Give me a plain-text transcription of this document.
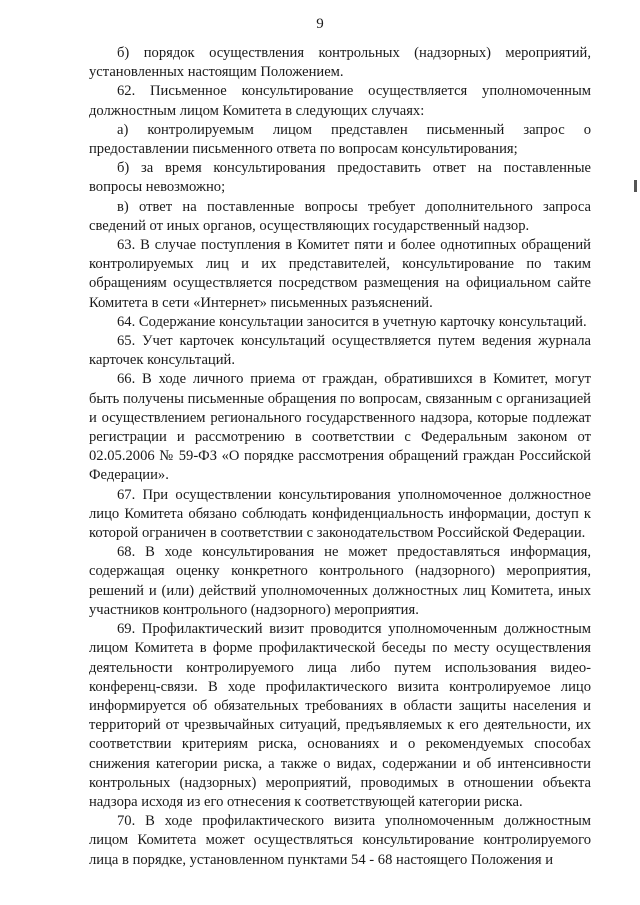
9

б) порядок осуществления контрольных (надзорных) мероприятий, установленных настоящим Положением.

62. Письменное консультирование осуществляется уполномоченным должностным лицом Комитета в следующих случаях:

а) контролируемым лицом представлен письменный запрос о предоставлении письменного ответа по вопросам консультирования;

б) за время консультирования предоставить ответ на поставленные вопросы невозможно;

в) ответ на поставленные вопросы требует дополнительного запроса сведений от иных органов, осуществляющих государственный надзор.

63. В случае поступления в Комитет пяти и более однотипных обращений контролируемых лиц и их представителей, консультирование по таким обращениям осуществляется посредством размещения на официальном сайте Комитета в сети «Интернет» письменных разъяснений.

64. Содержание консультации заносится в учетную карточку консультаций.

65. Учет карточек консультаций осуществляется путем ведения журнала карточек консультаций.

66. В ходе личного приема от граждан, обратившихся в Комитет, могут быть получены письменные обращения по вопросам, связанным с организацией и осуществлением регионального государственного надзора, которые подлежат регистрации и рассмотрению в соответствии с Федеральным законом от 02.05.2006 № 59-ФЗ «О порядке рассмотрения обращений граждан Российской Федерации».

67. При осуществлении консультирования уполномоченное должностное лицо Комитета обязано соблюдать конфиденциальность информации, доступ к которой ограничен в соответствии с законодательством Российской Федерации.

68. В ходе консультирования не может предоставляться информация, содержащая оценку конкретного контрольного (надзорного) мероприятия, решений и (или) действий уполномоченных должностных лиц Комитета, иных участников контрольного (надзорного) мероприятия.

69. Профилактический визит проводится уполномоченным должностным лицом Комитета в форме профилактической беседы по месту осуществления деятельности контролируемого лица либо путем использования видео-конференц-связи. В ходе профилактического визита контролируемое лицо информируется об обязательных требованиях в области защиты населения и территорий от чрезвычайных ситуаций, предъявляемых к его деятельности, их соответствии критериям риска, основаниях и о рекомендуемых способах снижения категории риска, а также о видах, содержании и об интенсивности контрольных (надзорных) мероприятий, проводимых в отношении объекта надзора исходя из его отнесения к соответствующей категории риска.

70. В ходе профилактического визита уполномоченным должностным лицом Комитета может осуществляться консультирование контролируемого лица в порядке, установленном пунктами 54 - 68 настоящего Положения и
